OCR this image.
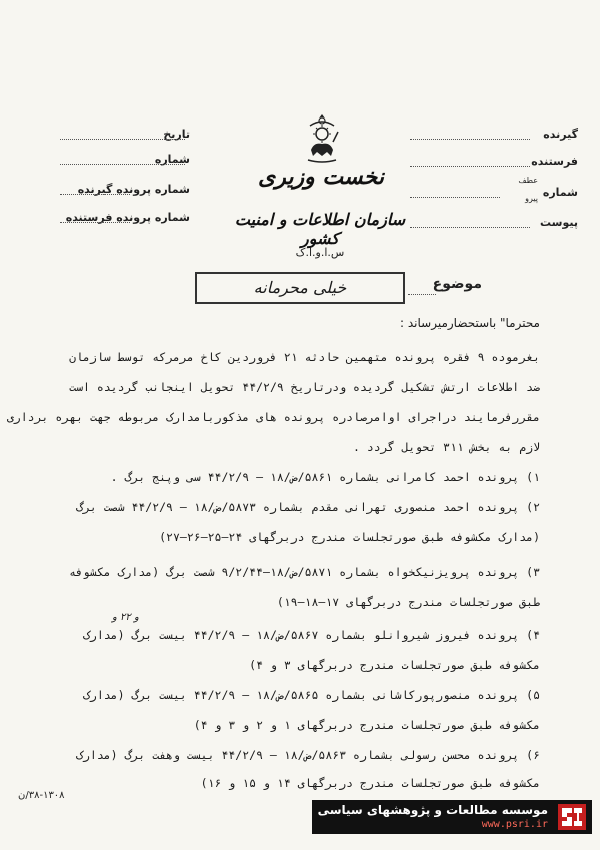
تاریخ
شماره
شماره پرونده گیرنده
شماره پرونده فرستنده
گیرنده
فرستنده
شماره
عطف
پیرو
پیوست
نخست وزیری
سازمان اطلاعات و امنیت کشور
س.ا.و.ا.ک
موضوع
خیلی محرمانه
محترما" باستحضارمیرساند :
بغرموده ۹ فقره پرونده متهمین حادثه ۲۱ فروردین کاخ مرمرکه توسط سازمان
ضد اطلاعات ارتش تشکیل گردیده ودرتاریخ ۴۴/۲/۹ تحویل اینجانب گردیده است
مقررفرمایند دراجرای اوامرصادره پرونده های مذکوربامدارک مربوطه جهت بهره برداری
لازم به بخش ۳۱۱ تحویل گردد .
۱) پرونده احمد کامرانی بشماره ۵۸۶۱/ض/۱۸ — ۴۴/۲/۹ سی وپنج برگ .
۲) پرونده احمد منصوری تهرانی مقدم بشماره ۵۸۷۳/ض/۱۸ — ۴۴/۲/۹ شصت برگ
(مدارک مکشوفه طبق صورتجلسات مندرج دربرگهای ۲۴–۲۵–۲۶–۲۷)
۳) پرونده پرویزنیکخواه بشماره ۵۸۷۱/ض/۱۸—۹/۲/۴۴ شصت برگ (مدارک مکشوفه
طبق صورتجلسات مندرج دربرگهای ۱۷–۱۸–۱۹)
و ۲۲ و
۴) پرونده فیروز شیروانلو بشماره ۵۸۶۷/ض/۱۸ — ۴۴/۲/۹ بیست برگ (مدارک
مکشوفه طبق صورتجلسات مندرج دربرگهای ۳ و ۴)
۵) پرونده منصورپورکاشانی بشماره ۵۸۶۵/ض/۱۸ — ۴۴/۲/۹ بیست برگ (مدارک
مکشوفه طبق صورتجلسات مندرج دربرگهای ۱ و ۲ و ۳ و ۴)
۶) پرونده محسن رسولی بشماره ۵۸۶۳/ض/۱۸ — ۴۴/۲/۹ بیست وهفت برگ (مدارک
مکشوفه طبق صورتجلسات مندرج دربرگهای ۱۴ و ۱۵ و ۱۶)
۳۸-۱۳۰۸/ن
موسسه مطالعات و پژوهشهای سیاسی
www.psri.ir
